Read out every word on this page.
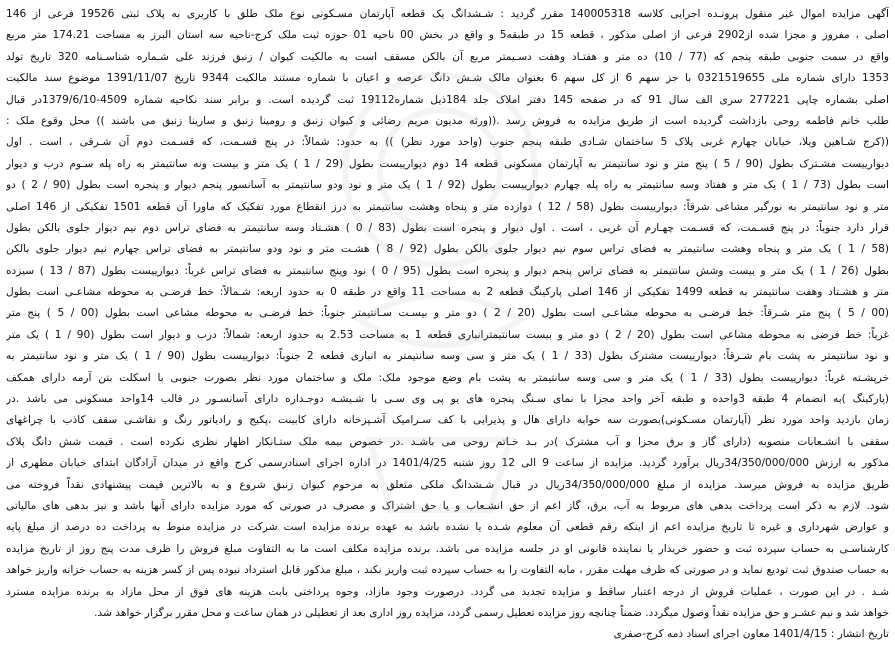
آگهی مزایده اموال غیر منقول پرونـده اجرایی کلاسه 140005318 مقرر گردید : شـشدانگ یک قطعه آپارتمان مسـکونی نوع ملک طلق با کاربری به پلاک ثبتی 19526 فرعی از 146
اصلی ، مفروز و مجزا شده از2902 فرعی از اصلی مذکور ، قطعه 15 در طبقه5 و واقع در بخش 00 ناحیه 01 حوزه ثبت ملک کرج-ناحیه سه استان البرز به مساحت 174.21 متر مربع
واقع در سمت جنوبی طبقه پنجم که (77 / 10) ده متر و هفتـاد وهفت دسـیمتر مربع آن بالکن مسقف است به مالکیت کیوان / زنبق فرزند علی شـماره شناسـنامه 320 تاریخ تولد
1353 دارای شماره ملی 0321519655 با جز سهم 6 از کل سهم 6 بعنوان مالک شـش دانگ عرصه و اعیان با شماره مستند مالکیت 9344 تاریخ 1391/11/07 موضوع سند مالکیت
اصلی بشماره چاپی 277221 سری الف سال 91 که در صفحه 145 دفتر املاک جلد 184ذیل شماره19112 ثبت گردیده است. و برابر سند نکاحیه شماره 4509-1379/6/10در قبال
طلب خانم فاطمه روحی بازداشت گردیده است از طریق مزایده به فروش رسد .((ورثه مدیون مریم رضائی و کیوان زنبق و رومینا زنبق و سارینا زنبق می باشند )) محل وقوع ملک :
((کرج شـاهین ویلا، خیابان چهارم غربی پلاک 5 ساختمان شـادی طبقه پنجم جنوب (واحد مورد نظر) )) به حدود: شمالاً: در پنج قسـمت، که قسـمت دوم آن شـرقی ، است . اول
دیوارییست مشـترک بطول (90 / 5 ) پنج متر و نود سانتیمتر به آپارتمان مسکونی قطعه 14 دوم دیوارییست بطول (29 / 1 ) یک متر و بیست ونه سانتیمتر به راه پله سـوم درب و دیوار
است بطول (73 / 1 ) یک متر و هفتاد وسه سانتیمتر به راه پله چهارم دیوارییست بطول (92 / 1 ) یک متر و نود ودو سانتیمتر به آسانسور پنجم دیوار و پنجره است بطول (90 / 2 ) دو
متر و نود سانتیمتر به نورگیر مشاعی شرقاً: دیوارییست بطول (58 / 12 ) دوازده متر و پنجاه وهشت سانتیمتر به درز انقطاع مورد تفکیک که ماورا آن قطعه 1501 تفکیکی از 146 اصلی
قرار دارد جنوباً: در پنج قسـمت، که قسـمت چهـارم آن غربی ، است . اول دیوار و پنجره است بطول (83 / 0 ) هشـتاد وسه سانتیمتر به فضای تراس دوم نیم دیوار جلوی بالکن بطول
(58 / 1 ) یک متر و پنجاه وهشت سانتیمتر به فضای تراس سوم نیم دیوار جلوی بالکن بطول (92 / 8 ) هشـت متر و نود ودو سانتیمتر به فضای تراس چهارم نیم دیوار جلوی بالکن
بطول (26 / 1 ) یک متر و بیست وشش سانتیمتر به فضای تراس پنجم دیوار و پنجره است بطول (95 / 0 ) نود وپنج سانتیمتر به فضای تراس غرباً: دیوارییست بطول (87 / 13 ) سیزده
متر و هشـتاد وهفت سانتیمتر به قطعه 1499 تفکیکی از 146 اصلی پارکینگ قطعه 2 به مساحت 11 واقع در طبقه 0 به حدود اربعه: شـمالاً: خط فرضـی به محوطه مشاعـی است بطول
(00 / 5 ) پنج متر شـرقاً: خط فرضـی به محوطه مشاعـی است بطول (20 / 2 ) دو متر و بیسـت سـانتیمتر جنوباً: خط فرضـی به محوطه مشاعی است بطول (00 / 5 ) پنج متر
غرباً: خط فرضی به محوطه مشاعی است بطول (20 / 2 ) دو متر و بیست سانتیمترانباری قطعه 1 به مساحت 2.53 به حدود اربعه: شمالاً: درب و دیوار است بطول (90 / 1 ) یک متر
و نود سانتیمتر به پشت بام شـرقاً: دیوارییست مشترک بطول (33 / 1 ) یک متر و سی وسه سانتیمتر به انباری قطعه 2 جنوباً: دیوارییست بطول (90 / 1 ) یک متر و نود سانتیمتر به
خرپشـته غرباً: دیوارییست بطول (33 / 1 ) یک متر و سی وسه سانتیمتر به پشت بام وضع موجود ملک: ملک و ساختمان مورد نظر بصورت جنوبی با اسکلت بتن آرمه دارای همکف
(پارکینگ )به انضمام 4 طبقه 3واحده و طبقه آخر واحد مجزا با نمای سـنگ پنجره های یو پی وی سـی با شـیشـه دوجـداره دارای آسانسـور در قالب 14واحد مسکونی می باشد .در
زمان بازدید واحد مورد نظر (آپارتمان مسـکونی)بصورت سه خوابه دارای هال و پذیرایی با کف سـرامیک آشـپزخانه دارای کابینت ،پکیج و رادیاتور رنگ و نقاشـی سقف کاذب با چراغهای
سقفی با انشـعابات منصوبه (دارای گاز و برق مجزا و آب مشترک )در بـد خـاتم روحی می باشـد .در خصوص بیمه ملک ستـانکار اظهار نظری نکرده است . قیمت شش دانگ پلاک
مذکور به ارزش 34/350/000/000ریال برآورد گردید. مزایده از ساعت 9 الی 12 روز شنبه 1401/4/25 در اداره اجرای اسنادرسمی کرج واقع در میدان آزادگان ابتدای خیابان مطهری از
طریق مزایده به فروش میرسد. مزایده از مبلغ 34/350/000/000ریال در قبال شـشدانگ ملکی متعلق به مرحوم کیوان زنبق شروع و به بالاترین قیمت پیشنهادی نقداً فروخته می
شود. لازم به ذکر است پرداخت بدهی های مربوط به آب، برق، گاز اعم از حق انشـعاب و یا حق اشتراک و مصرف در صورتی که مورد مزایده دارای آنها باشد و نیز بدهی های مالیاتی
و عوارض شهرداری و غیره تا تاریخ مزایده اعم از اینکه رقم قطعی آن معلوم شـده یا نشده باشد به عهده برنده مزایده است شرکت در مزایده منوط به پرداخت ده درصد از مبلغ پایه
کارشناسـی به حساب سپرده ثبت و حضور خریدار یا نماینده قانونی او در جلسه مزایده می باشد. برنده مزایده مکلف است ما به التفاوت مبلغ فروش را ظرف مدت پنج روز از تاریخ مزایده
به حساب صندوق ثبت تودیع نماید و در صورتی که ظرف مهلت مقرر ، مابه التفاوت را به حساب سپرده ثبت واریز نکند ، مبلغ مذکور قابل استرداد نبوده پس از کسر هزینه به حساب خزانه واریز خواهد
شـد . در این صورت ، عملیات فروش از درجه اعتبار ساقط و مزایده تجدید می گردد. درصورت وجود مازاد، وجوه پرداختی بابت هزینه های فوق از محل مازاد به برنده مزایده مسترد
خواهد شد و نیم عشـر و حق مزایده نقداً وصول میگردد. ضمناً چنانچه روز مزایده تعطیل رسمی گردد، مزایده روز اداری بعد از تعطیلی در همان ساعت و محل مقرر برگزار خواهد شد.
تاریخ انتشار : 1401/4/15 معاون اجرای اسناد ذمه کرج-صفری
